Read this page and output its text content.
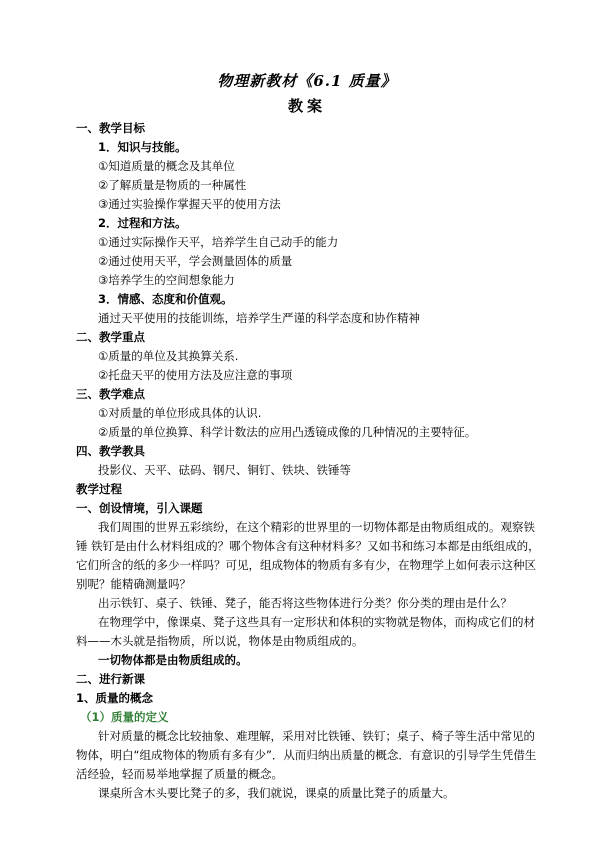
物理新教材《6.1 质量》
教案
一、教学目标
1．知识与技能。
①知道质量的概念及其单位
②了解质量是物质的一种属性
③通过实验操作掌握天平的使用方法
2．过程和方法。
①通过实际操作天平，培养学生自己动手的能力
②通过使用天平，学会测量固体的质量
③培养学生的空间想象能力
3．情感、态度和价值观。
通过天平使用的技能训练，培养学生严谨的科学态度和协作精神
二、教学重点
①质量的单位及其换算关系.
②托盘天平的使用方法及应注意的事项
三、教学难点
①对质量的单位形成具体的认识.
②质量的单位换算、科学计数法的应用凸透镜成像的几种情况的主要特征。
四、教学教具
投影仪、天平、砝码、钢尺、铜钉、铁块、铁锤等
教学过程
一、创设情境，引入课题
我们周围的世界五彩缤纷，在这个精彩的世界里的一切物体都是由物质组成的。观察铁
锤 铁钉是由什么材料组成的？哪个物体含有这种材料多？又如书和练习本都是由纸组成的，
它们所含的纸的多少一样吗？可见，组成物体的物质有多有少，在物理学上如何表示这种区
别呢？能精确测量吗？
出示铁钉、桌子、铁锤、凳子，能否将这些物体进行分类？你分类的理由是什么？
在物理学中，像课桌、凳子这些具有一定形状和体积的实物就是物体，而构成它们的材
料——木头就是指物质，所以说，物体是由物质组成的。
一切物体都是由物质组成的。
二、进行新课
1、质量的概念
（1）质量的定义
针对质量的概念比较抽象、难理解，采用对比铁锤、铁钉；桌子、椅子等生活中常见的
物体，明白“组成物体的物质有多有少”．从而归纳出质量的概念．有意识的引导学生凭借生
活经验，轻而易举地掌握了质量的概念。
课桌所含木头要比凳子的多，我们就说，课桌的质量比凳子的质量大。
